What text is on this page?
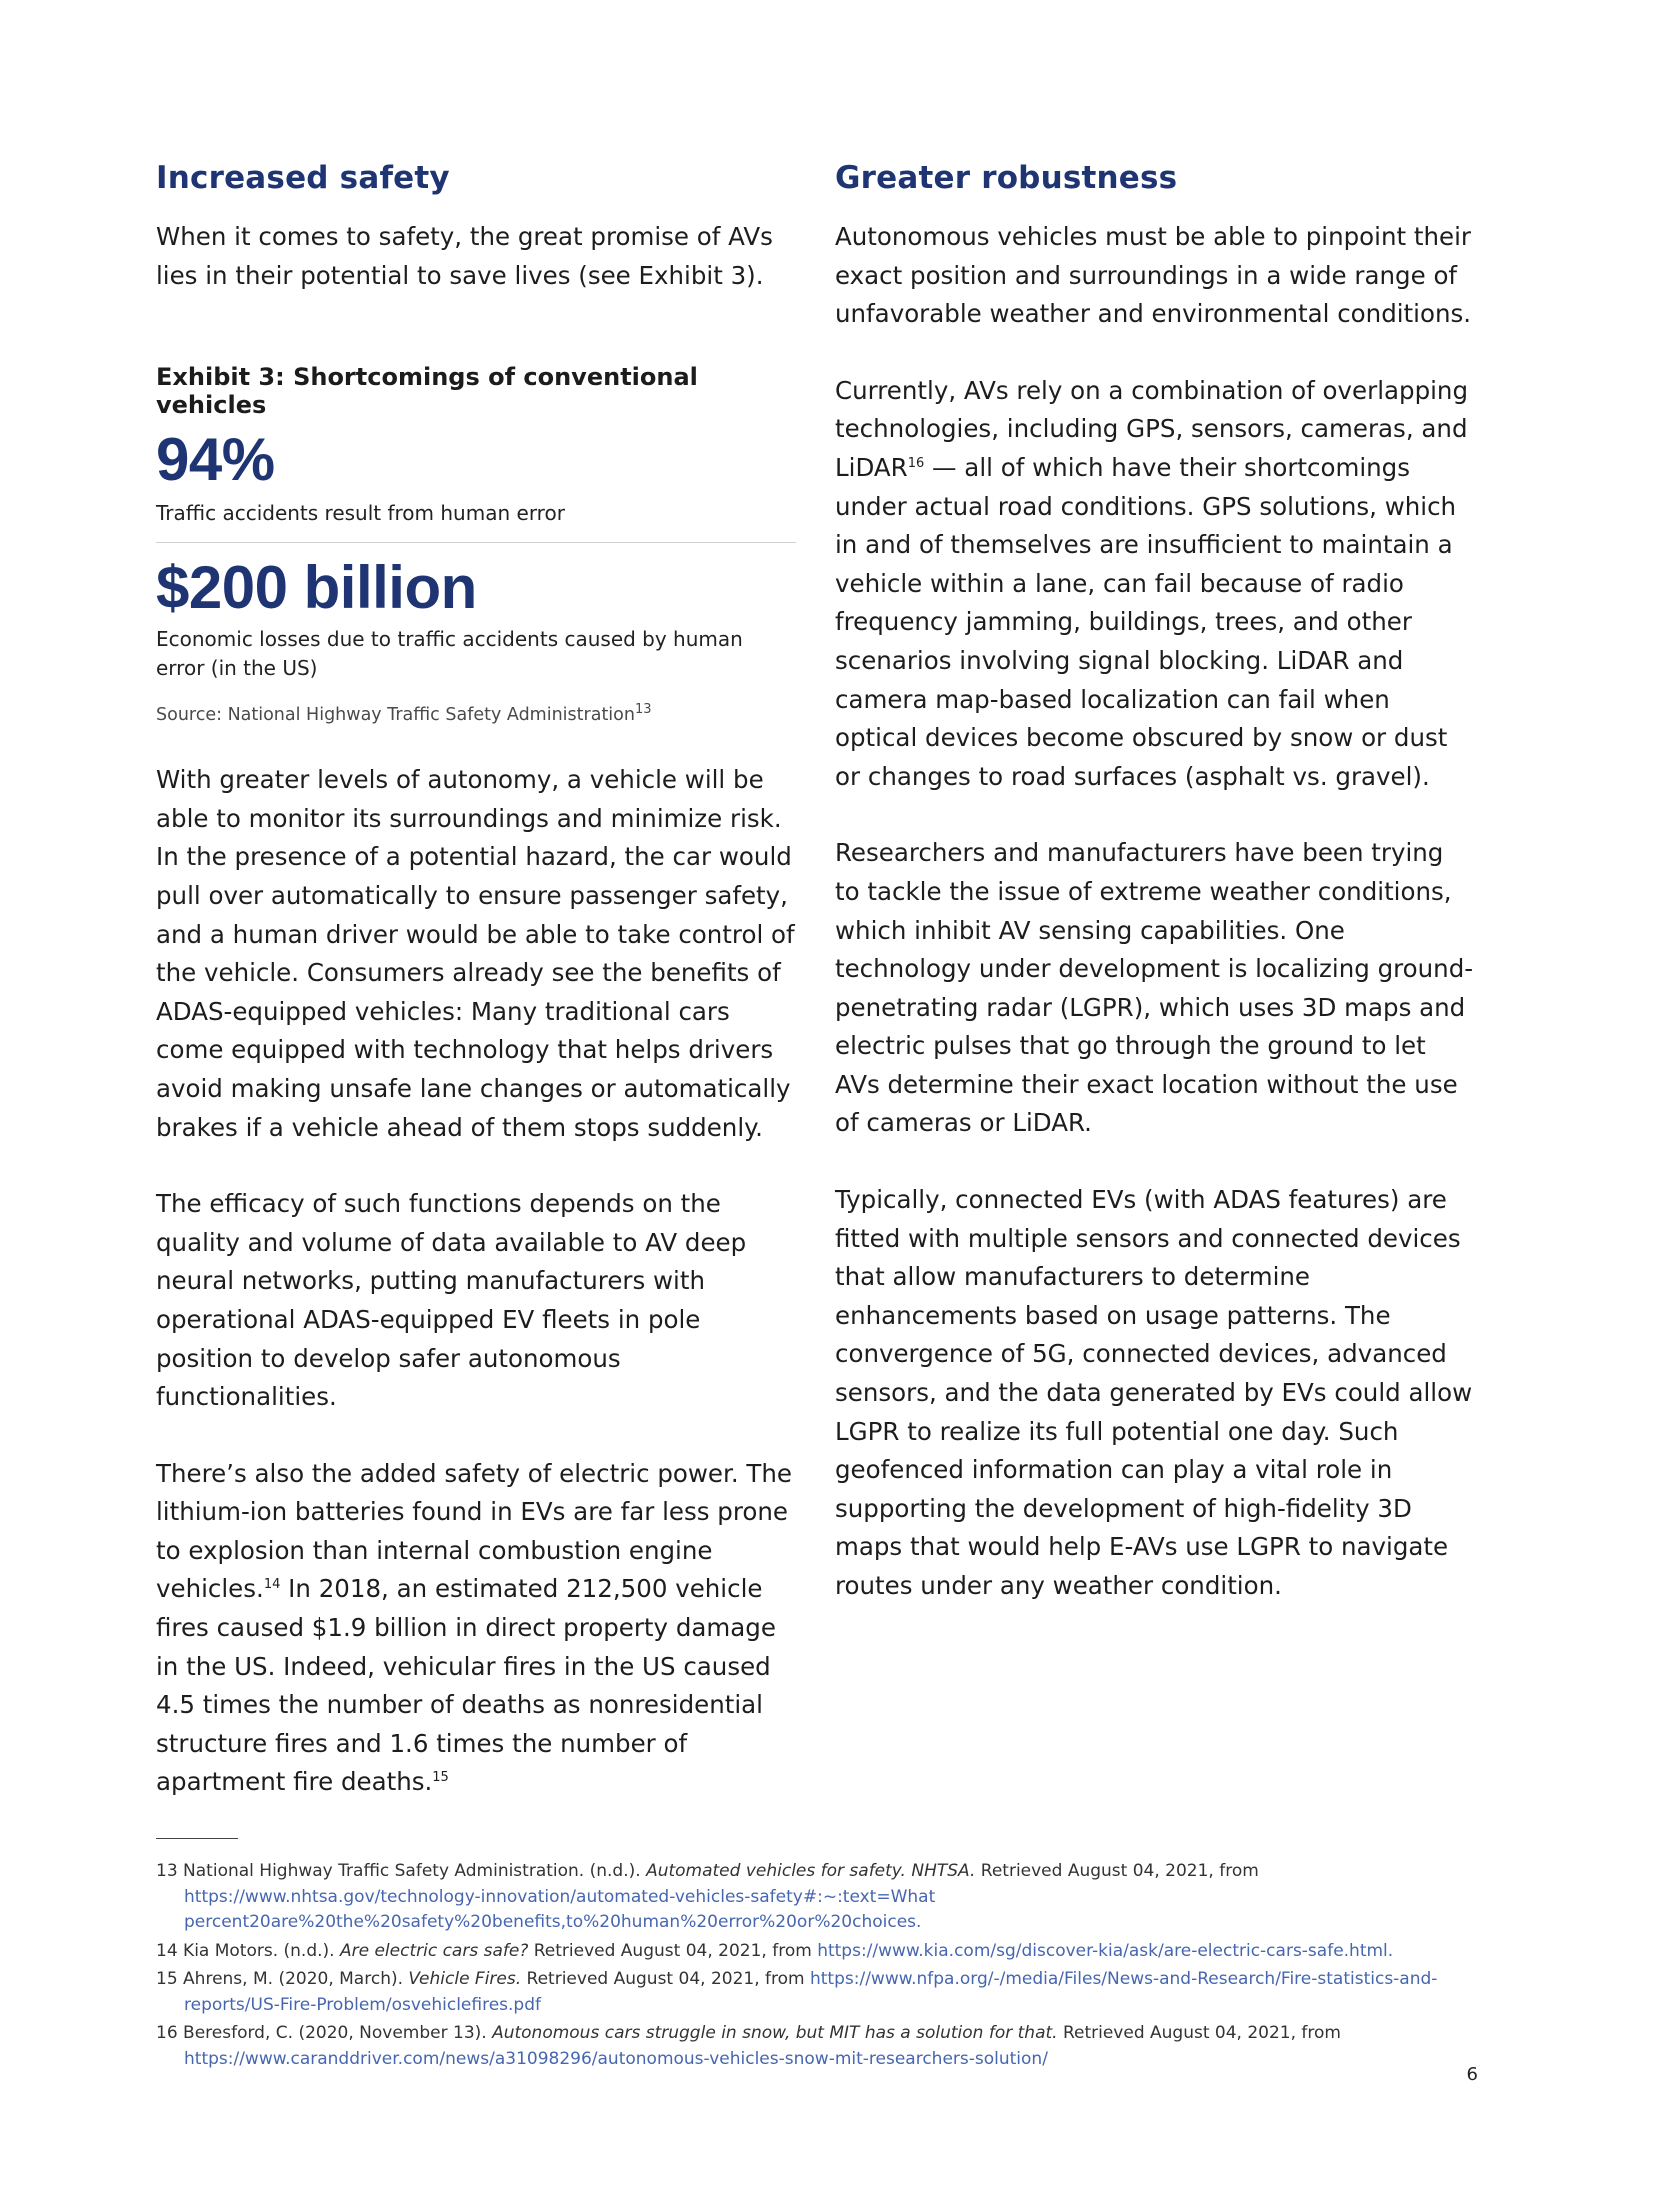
Increased safety

When it comes to safety, the great promise of AVs lies in their potential to save lives (see Exhibit 3).

Exhibit 3: Shortcomings of conventional vehicles

94%
Traffic accidents result from human error
$200 billion
Economic losses due to traffic accidents caused by human error (in the US)
Source: National Highway Traffic Safety Administration$^{13}$

With greater levels of autonomy, a vehicle will be able to monitor its surroundings and minimize risk. In the presence of a potential hazard, the car would pull over automatically to ensure passenger safety, and a human driver would be able to take control of the vehicle. Consumers already see the benefits of ADAS-equipped vehicles: Many traditional cars come equipped with technology that helps drivers avoid making unsafe lane changes or automatically brakes if a vehicle ahead of them stops suddenly.

The efficacy of such functions depends on the quality and volume of data available to AV deep neural networks, putting manufacturers with operational ADAS-equipped EV fleets in pole position to develop safer autonomous functionalities.

There’s also the added safety of electric power. The lithium-ion batteries found in EVs are far less prone to explosion than internal combustion engine vehicles.$^{14}$ In 2018, an estimated 212,500 vehicle fires caused $1.9 billion in direct property damage in the US. Indeed, vehicular fires in the US caused 4.5 times the number of deaths as nonresidential structure fires and 1.6 times the number of apartment fire deaths.$^{15}$

Greater robustness

Autonomous vehicles must be able to pinpoint their exact position and surroundings in a wide range of unfavorable weather and environmental conditions.

Currently, AVs rely on a combination of overlapping technologies, including GPS, sensors, cameras, and LiDAR$^{16}$ — all of which have their shortcomings under actual road conditions. GPS solutions, which in and of themselves are insufficient to maintain a vehicle within a lane, can fail because of radio frequency jamming, buildings, trees, and other scenarios involving signal blocking. LiDAR and camera map-based localization can fail when optical devices become obscured by snow or dust or changes to road surfaces (asphalt vs. gravel).

Researchers and manufacturers have been trying to tackle the issue of extreme weather conditions, which inhibit AV sensing capabilities. One technology under development is localizing ground-penetrating radar (LGPR), which uses 3D maps and electric pulses that go through the ground to let AVs determine their exact location without the use of cameras or LiDAR.

Typically, connected EVs (with ADAS features) are fitted with multiple sensors and connected devices that allow manufacturers to determine enhancements based on usage patterns. The convergence of 5G, connected devices, advanced sensors, and the data generated by EVs could allow LGPR to realize its full potential one day. Such geofenced information can play a vital role in supporting the development of high-fidelity 3D maps that would help E-AVs use LGPR to navigate routes under any weather condition.

13 National Highway Traffic Safety Administration. (n.d.). Automated vehicles for safety. NHTSA. Retrieved August 04, 2021, from https://www.nhtsa.gov/technology-innovation/automated-vehicles-safety#:~:text=What percent20are%20the%20safety%20benefits,to%20human%20error%20or%20choices.
14 Kia Motors. (n.d.). Are electric cars safe? Retrieved August 04, 2021, from https://www.kia.com/sg/discover-kia/ask/are-electric-cars-safe.html.
15 Ahrens, M. (2020, March). Vehicle Fires. Retrieved August 04, 2021, from https://www.nfpa.org/-/media/Files/News-and-Research/Fire-statistics-and-reports/US-Fire-Problem/osvehiclefires.pdf
16 Beresford, C. (2020, November 13). Autonomous cars struggle in snow, but MIT has a solution for that. Retrieved August 04, 2021, from https://www.caranddriver.com/news/a31098296/autonomous-vehicles-snow-mit-researchers-solution/
6
